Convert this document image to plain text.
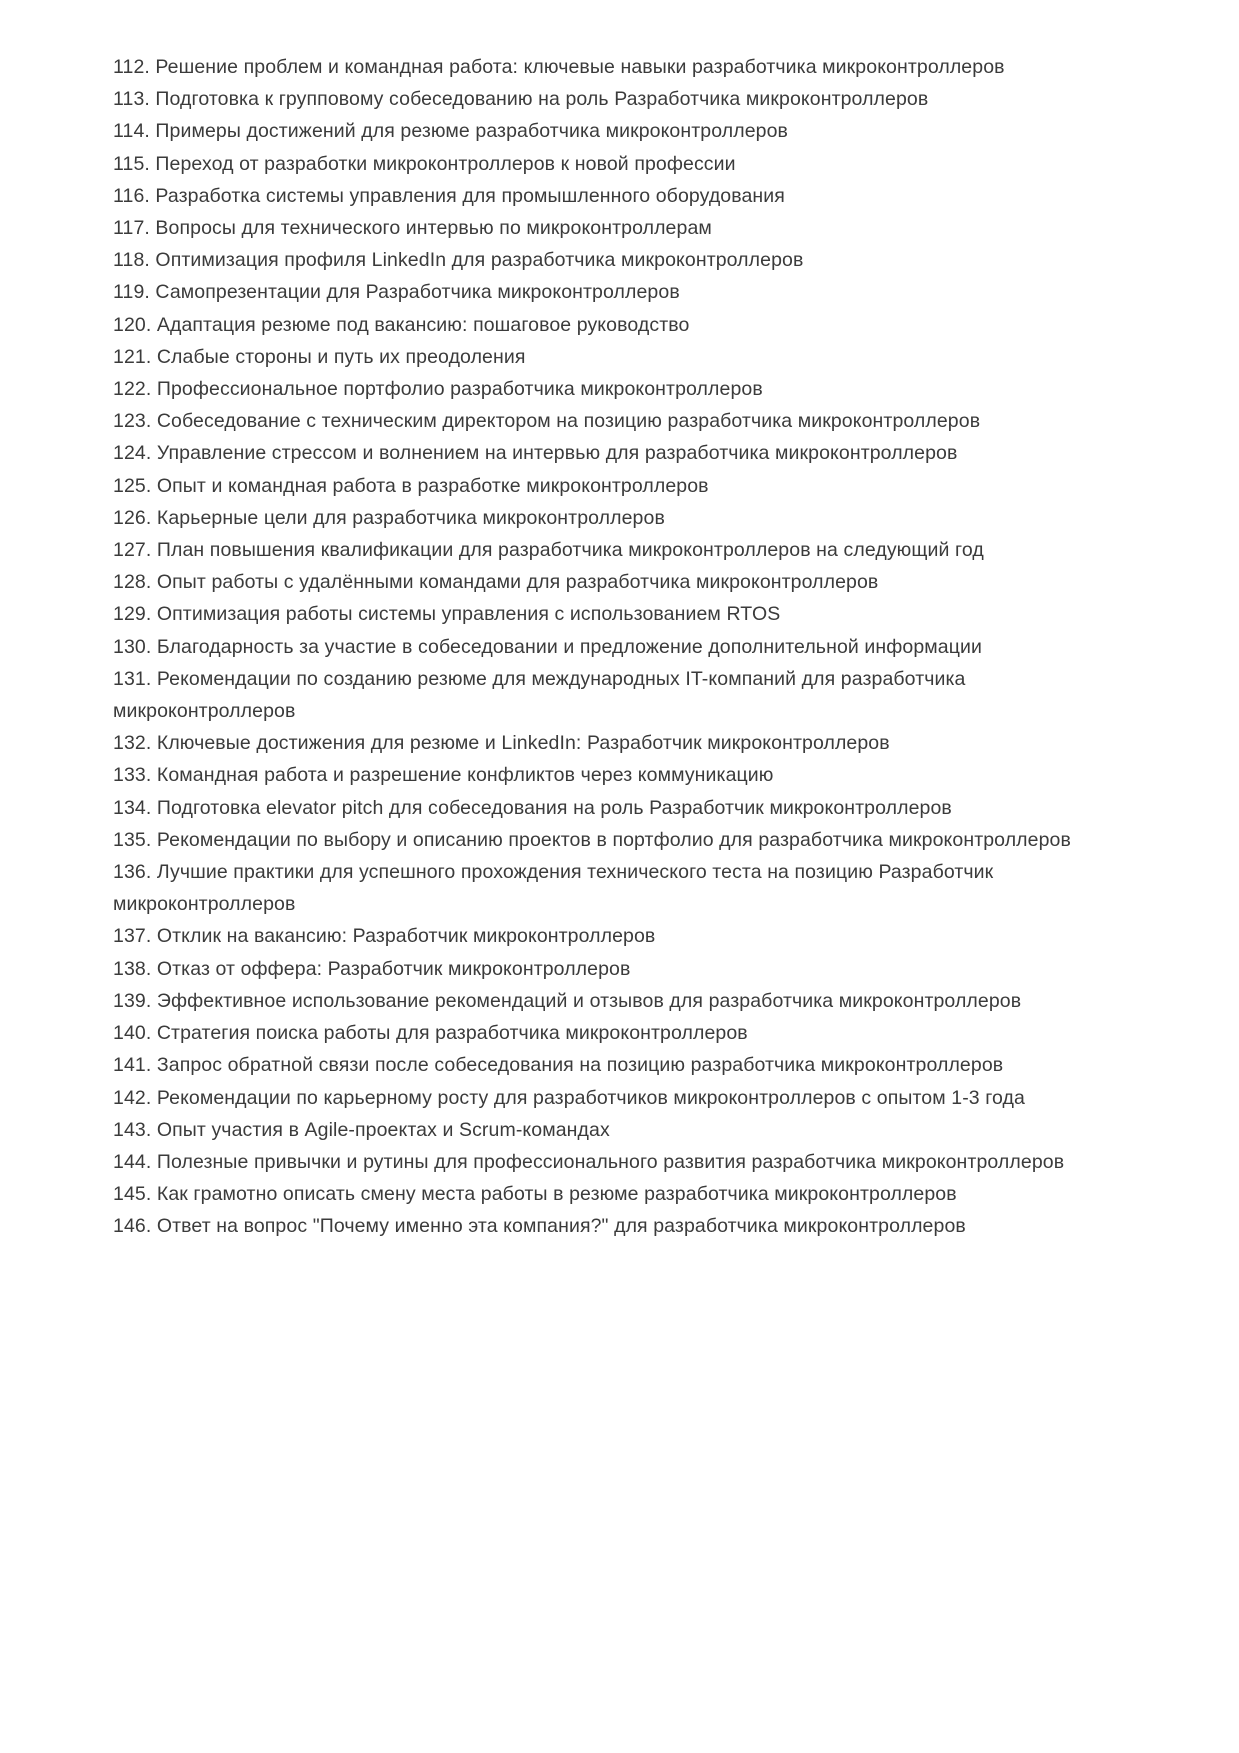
112. Решение проблем и командная работа: ключевые навыки разработчика микроконтроллеров

113. Подготовка к групповому собеседованию на роль Разработчика микроконтроллеров

114. Примеры достижений для резюме разработчика микроконтроллеров

115. Переход от разработки микроконтроллеров к новой профессии

116. Разработка системы управления для промышленного оборудования

117. Вопросы для технического интервью по микроконтроллерам

118. Оптимизация профиля LinkedIn для разработчика микроконтроллеров

119. Самопрезентации для Разработчика микроконтроллеров

120. Адаптация резюме под вакансию: пошаговое руководство

121. Слабые стороны и путь их преодоления

122. Профессиональное портфолио разработчика микроконтроллеров

123. Собеседование с техническим директором на позицию разработчика микроконтроллеров

124. Управление стрессом и волнением на интервью для разработчика микроконтроллеров

125. Опыт и командная работа в разработке микроконтроллеров

126. Карьерные цели для разработчика микроконтроллеров

127. План повышения квалификации для разработчика микроконтроллеров на следующий год

128. Опыт работы с удалёнными командами для разработчика микроконтроллеров

129. Оптимизация работы системы управления с использованием RTOS

130. Благодарность за участие в собеседовании и предложение дополнительной информации

131. Рекомендации по созданию резюме для международных IT-компаний для разработчика микроконтроллеров

132. Ключевые достижения для резюме и LinkedIn: Разработчик микроконтроллеров

133. Командная работа и разрешение конфликтов через коммуникацию

134. Подготовка elevator pitch для собеседования на роль Разработчик микроконтроллеров

135. Рекомендации по выбору и описанию проектов в портфолио для разработчика микроконтроллеров

136. Лучшие практики для успешного прохождения технического теста на позицию Разработчик микроконтроллеров

137. Отклик на вакансию: Разработчик микроконтроллеров

138. Отказ от оффера: Разработчик микроконтроллеров

139. Эффективное использование рекомендаций и отзывов для разработчика микроконтроллеров

140. Стратегия поиска работы для разработчика микроконтроллеров

141. Запрос обратной связи после собеседования на позицию разработчика микроконтроллеров

142. Рекомендации по карьерному росту для разработчиков микроконтроллеров с опытом 1-3 года

143. Опыт участия в Agile-проектах и Scrum-командах

144. Полезные привычки и рутины для профессионального развития разработчика микроконтроллеров

145. Как грамотно описать смену места работы в резюме разработчика микроконтроллеров

146. Ответ на вопрос "Почему именно эта компания?" для разработчика микроконтроллеров
